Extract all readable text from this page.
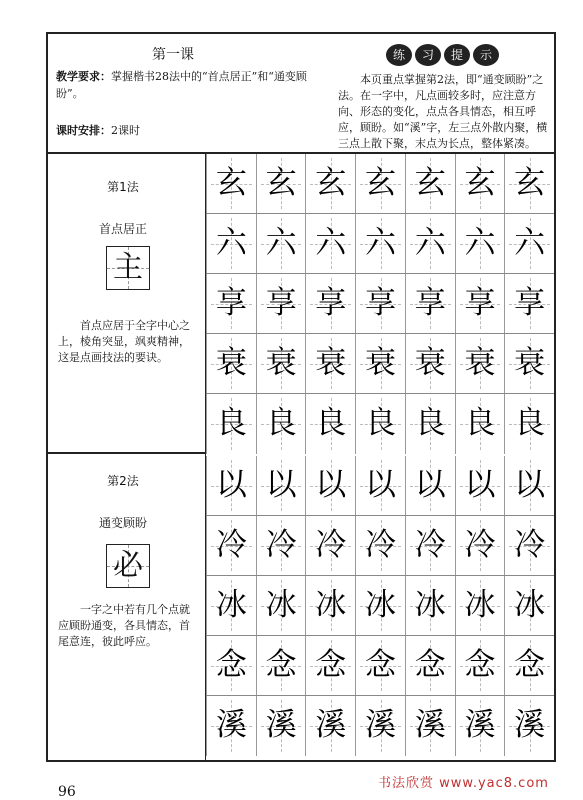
第一课
教学要求：掌握楷书28法中的“首点居正”和“通变顾盼”。
课时安排：2课时
练	习	提	示

本页重点掌握第2法，即“通变顾盼”之法。在一字中，凡点画较多时，应注意方向、形态的变化，点点各具情态，相互呼应，顾盼。如“溪”字，左三点外散内聚，横三点上散下聚，末点为长点，整体紧凑。

第1法
首点居正
主

首点应居于全字中心之上，棱角突显，飒爽精神，这是点画技法的要诀。

第2法
通变顾盼
必

一字之中若有几个点就应顾盼通变，各具情态，首尾意连，彼此呼应。

玄 玄 玄 玄 玄 玄 玄
六 六 六 六 六 六 六
享 享 享 享 享 享 享
衰 衰 衰 衰 衰 衰 衰
良 良 良 良 良 良 良
以 以 以 以 以 以 以
冷 冷 冷 冷 冷 冷 冷
冰 冰 冰 冰 冰 冰 冰
念 念 念 念 念 念 念
溪 溪 溪 溪 溪 溪 溪
96
书法欣赏 www.yac8.com
